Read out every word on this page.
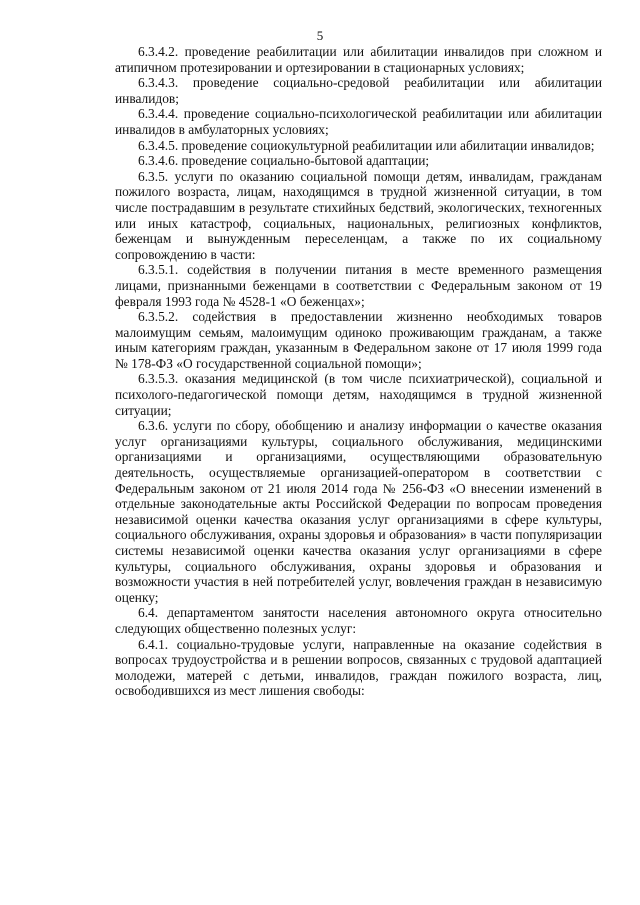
5

6.3.4.2. проведение реабилитации или абилитации инвалидов при сложном и атипичном протезировании и ортезировании в стационарных условиях;

6.3.4.3. проведение социально-средовой реабилитации или абилитации инвалидов;

6.3.4.4. проведение социально-психологической реабилитации или абилитации инвалидов в амбулаторных условиях;

6.3.4.5. проведение социокультурной реабилитации или абилитации инвалидов;

6.3.4.6. проведение социально-бытовой адаптации;

6.3.5. услуги по оказанию социальной помощи детям, инвалидам, гражданам пожилого возраста, лицам, находящимся в трудной жизненной ситуации, в том числе пострадавшим в результате стихийных бедствий, экологических, техногенных или иных катастроф, социальных, национальных, религиозных конфликтов, беженцам и вынужденным переселенцам, а также по их социальному сопровождению в части:

6.3.5.1. содействия в получении питания в месте временного размещения лицами, признанными беженцами в соответствии с Федеральным законом от 19 февраля 1993 года № 4528-1 «О беженцах»;

6.3.5.2. содействия в предоставлении жизненно необходимых товаров малоимущим семьям, малоимущим одиноко проживающим гражданам, а также иным категориям граждан, указанным в Федеральном законе от 17 июля 1999 года № 178-ФЗ «О государственной социальной помощи»;

6.3.5.3. оказания медицинской (в том числе психиатрической), социальной и психолого-педагогической помощи детям, находящимся в трудной жизненной ситуации;

6.3.6. услуги по сбору, обобщению и анализу информации о качестве оказания услуг организациями культуры, социального обслуживания, медицинскими организациями и организациями, осуществляющими образовательную деятельность, осуществляемые организацией-оператором в соответствии с Федеральным законом от 21 июля 2014 года № 256-ФЗ «О внесении изменений в отдельные законодательные акты Российской Федерации по вопросам проведения независимой оценки качества оказания услуг организациями в сфере культуры, социального обслуживания, охраны здоровья и образования» в части популяризации системы независимой оценки качества оказания услуг организациями в сфере культуры, социального обслуживания, охраны здоровья и образования и возможности участия в ней потребителей услуг, вовлечения граждан в независимую оценку;

6.4. департаментом занятости населения автономного округа относительно следующих общественно полезных услуг:

6.4.1. социально-трудовые услуги, направленные на оказание содействия в вопросах трудоустройства и в решении вопросов, связанных с трудовой адаптацией молодежи, матерей с детьми, инвалидов, граждан пожилого возраста, лиц, освободившихся из мест лишения свободы:
